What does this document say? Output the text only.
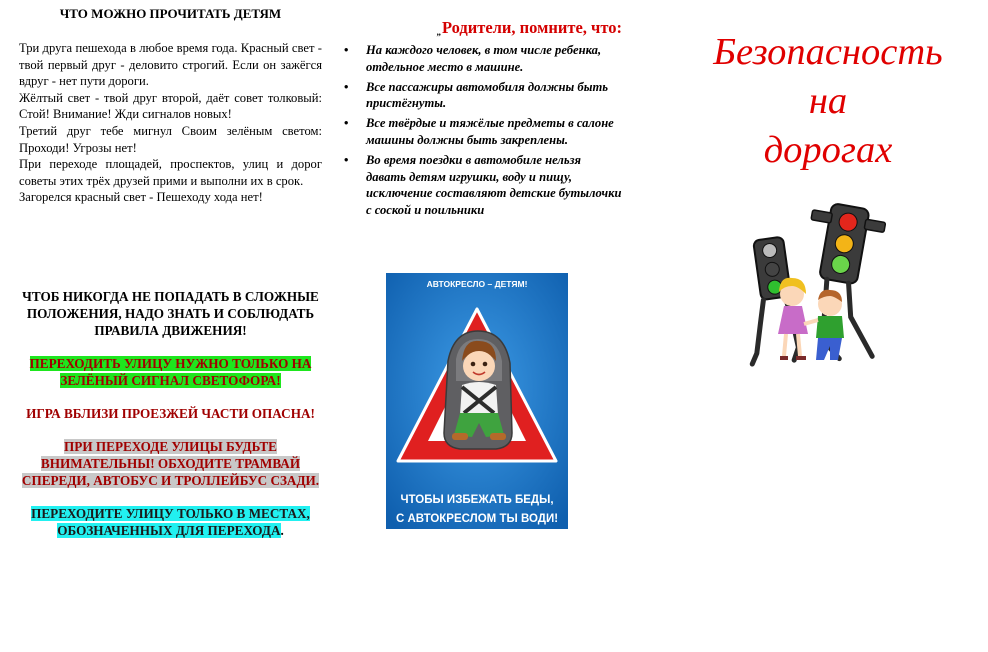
ЧТО МОЖНО ПРОЧИТАТЬ ДЕТЯМ

Три друга пешехода в любое время года. Красный свет - твой первый друг - деловито строгий. Если он зажёгся вдруг - нет пути дороги.

Жёлтый свет - твой друг второй, даёт совет толковый: Стой! Внимание! Жди сигналов новых!

Третий друг тебе мигнул Своим зелёным светом: Проходи! Угрозы нет!

При переходе площадей, проспектов, улиц и дорог советы этих трёх друзей прими и выполни их в срок.

Загорелся красный свет - Пешеходу хода нет!

ЧТОБ НИКОГДА НЕ ПОПАДАТЬ В СЛОЖНЫЕ ПОЛОЖЕНИЯ, НАДО ЗНАТЬ И СОБЛЮДАТЬ ПРАВИЛА ДВИЖЕНИЯ!
ПЕРЕХОДИТЬ УЛИЦУ НУЖНО ТОЛЬКО НА ЗЕЛЁНЫЙ СИГНАЛ СВЕТОФОРА!
ИГРА ВБЛИЗИ ПРОЕЗЖЕЙ ЧАСТИ ОПАСНА!
ПРИ ПЕРЕХОДЕ УЛИЦЫ БУДЬТЕ ВНИМАТЕЛЬНЫ! ОБХОДИТЕ ТРАМВАЙ СПЕРЕДИ, АВТОБУС И ТРОЛЛЕЙБУС СЗАДИ.
ПЕРЕХОДИТЕ УЛИЦУ ТОЛЬКО В МЕСТАХ, ОБОЗНАЧЕННЫХ ДЛЯ ПЕРЕХОДА.
„Родители, помните, что:
• На каждого человек, в том числе ребенка, отдельное место в машине.
• Все пассажиры автомобиля должны быть пристёгнуты.
• Все твёрдые и тяжёлые предметы в салоне машины должны быть закреплены.
• Во время поездки в автомобиле нельзя давать детям игрушки, воду и пищу, исключение составляют детские бутылочки с соской и поильники
АВТОКРЕСЛО – ДЕТЯМ!
ЧТОБЫ ИЗБЕЖАТЬ БЕДЫ,
С АВТОКРЕСЛОМ ТЫ ВОДИ!
Безопасность
на
дорогах
